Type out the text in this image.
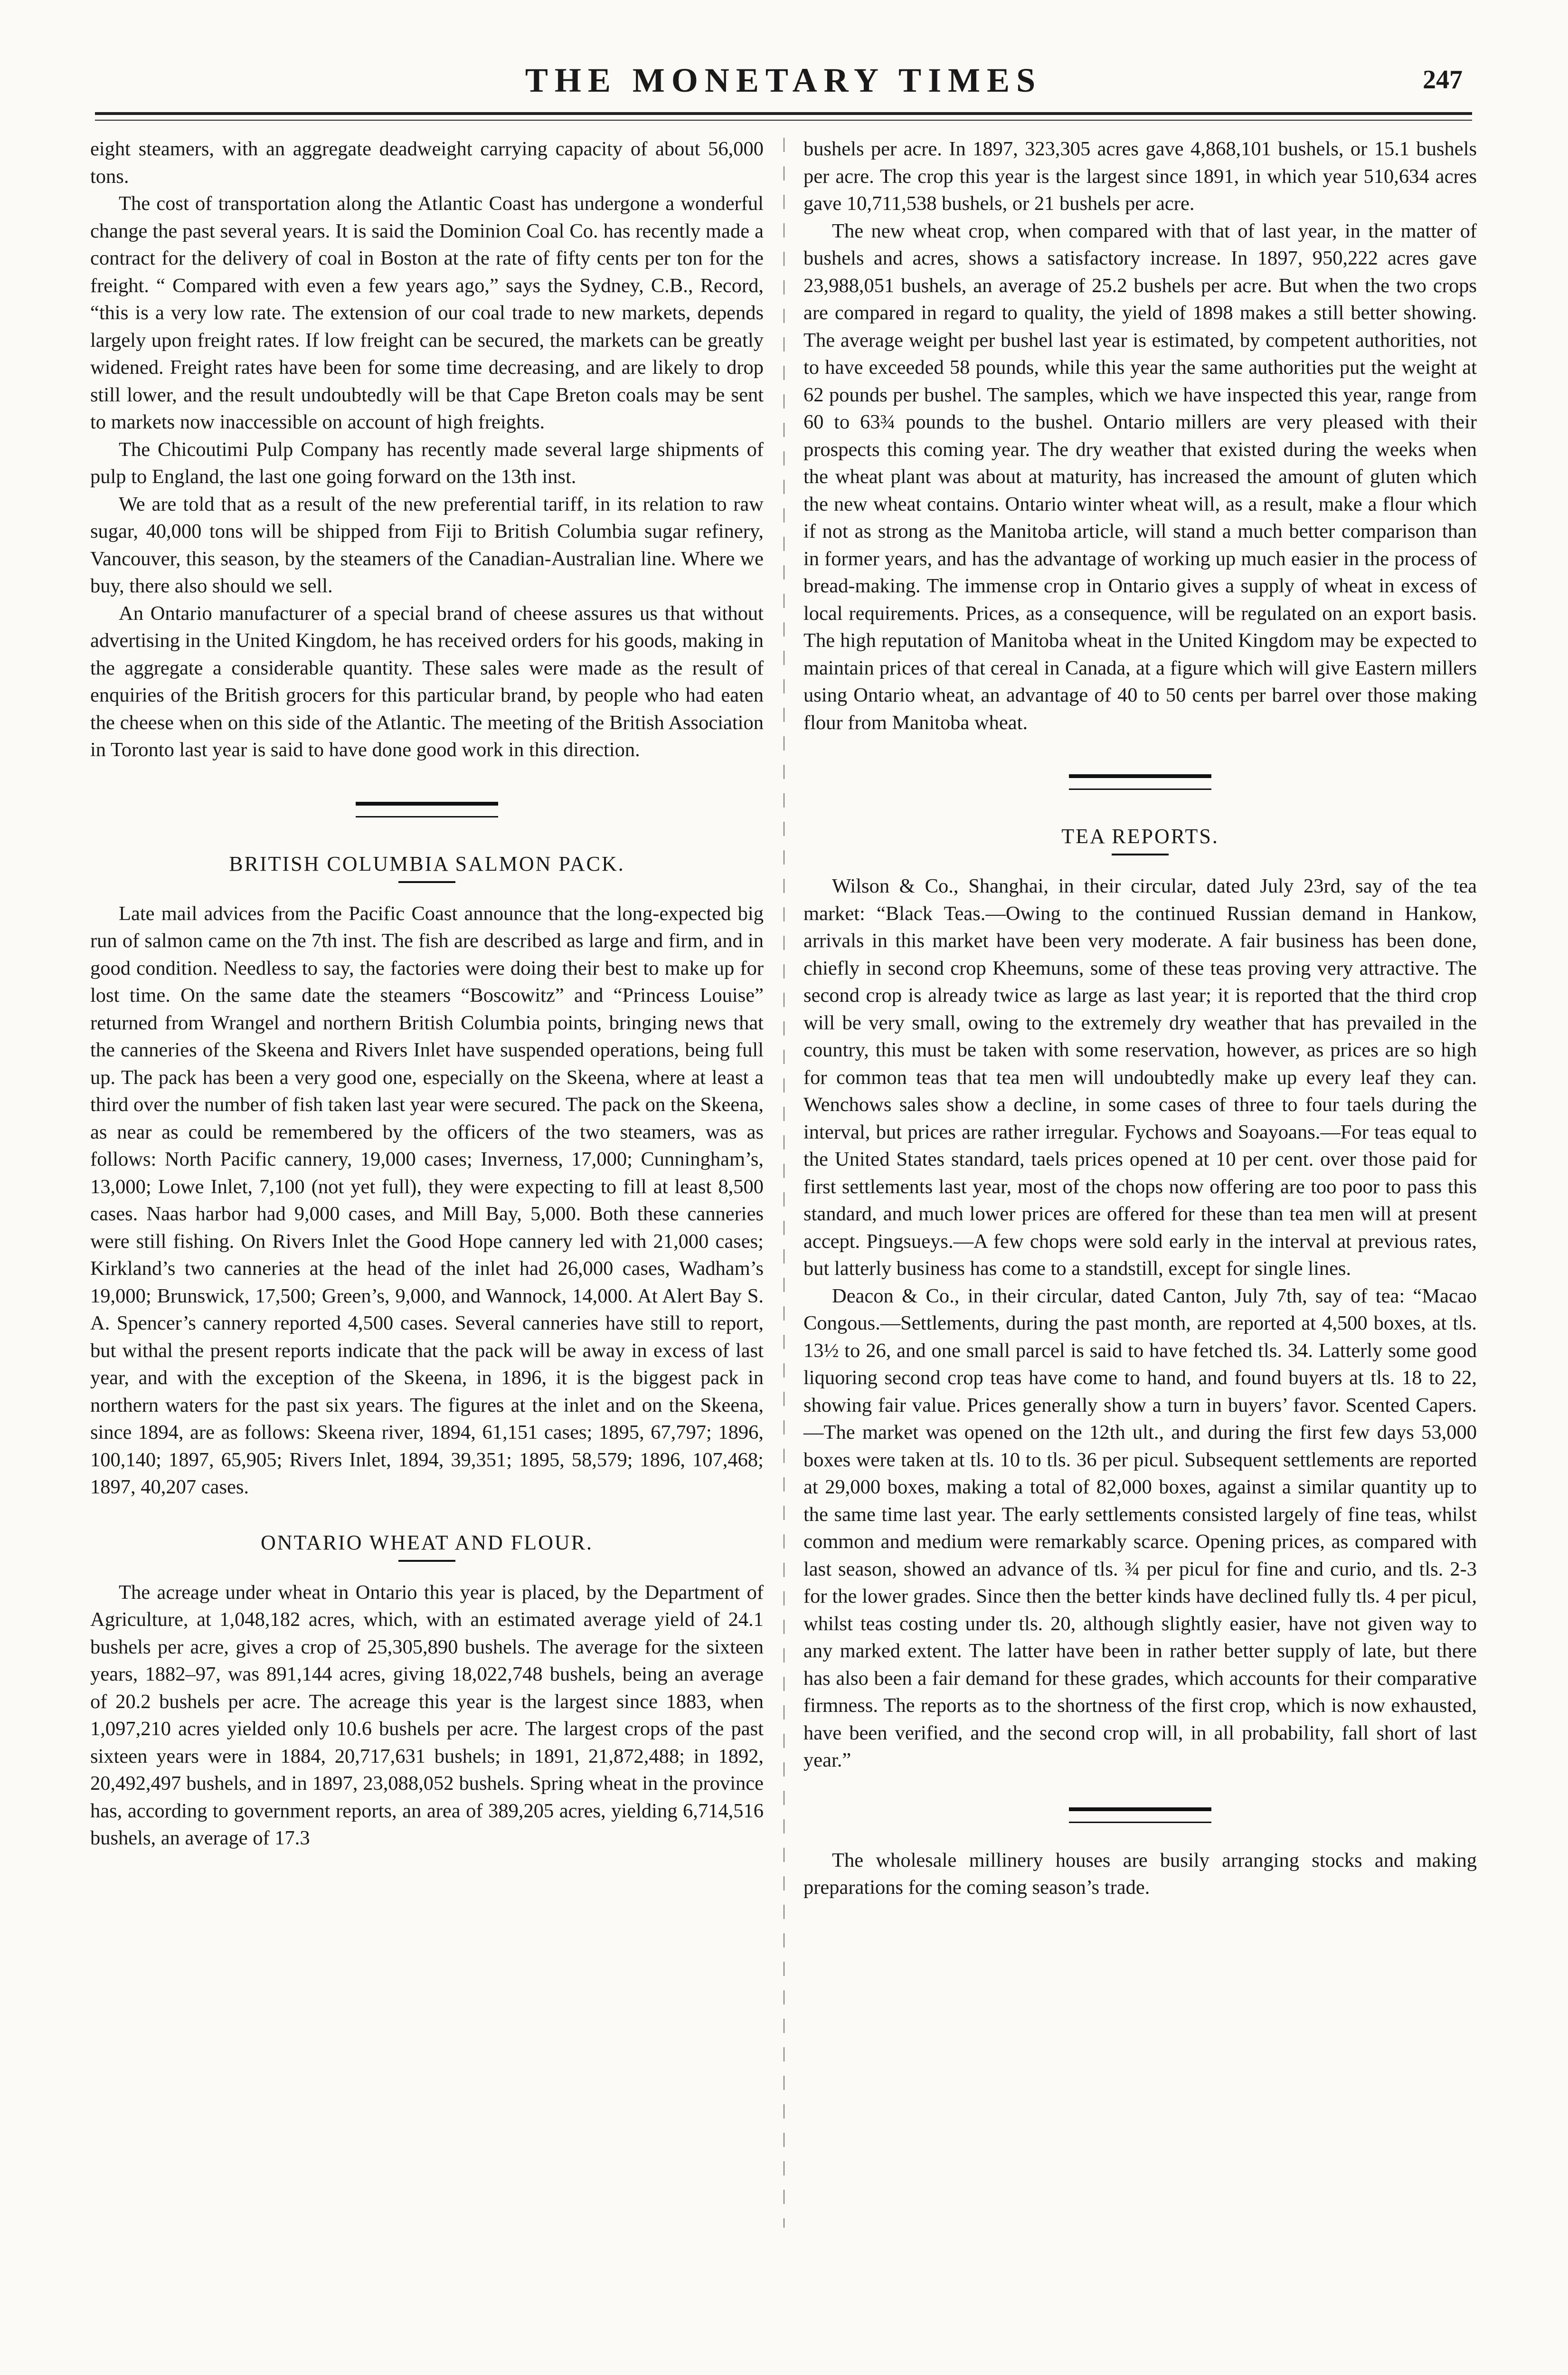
THE MONETARY TIMES	247

eight steamers, with an aggregate deadweight carrying capacity of about 56,000 tons.

The cost of transportation along the Atlantic Coast has undergone a wonderful change the past several years. It is said the Dominion Coal Co. has recently made a contract for the delivery of coal in Boston at the rate of fifty cents per ton for the freight. “ Compared with even a few years ago,” says the Sydney, C.B., Record, “this is a very low rate. The extension of our coal trade to new markets, depends largely upon freight rates. If low freight can be secured, the markets can be greatly widened. Freight rates have been for some time decreasing, and are likely to drop still lower, and the result undoubtedly will be that Cape Breton coals may be sent to markets now inaccessible on account of high freights.

The Chicoutimi Pulp Company has recently made several large shipments of pulp to England, the last one going forward on the 13th inst.

We are told that as a result of the new preferential tariff, in its relation to raw sugar, 40,000 tons will be shipped from Fiji to British Columbia sugar refinery, Vancouver, this season, by the steamers of the Canadian-Australian line. Where we buy, there also should we sell.

An Ontario manufacturer of a special brand of cheese assures us that without advertising in the United Kingdom, he has received orders for his goods, making in the aggregate a considerable quantity. These sales were made as the result of enquiries of the British grocers for this particular brand, by people who had eaten the cheese when on this side of the Atlantic. The meeting of the British Association in Toronto last year is said to have done good work in this direction.

BRITISH COLUMBIA SALMON PACK.

Late mail advices from the Pacific Coast announce that the long-expected big run of salmon came on the 7th inst. The fish are described as large and firm, and in good condition. Needless to say, the factories were doing their best to make up for lost time. On the same date the steamers “Boscowitz” and “Princess Louise” returned from Wrangel and northern British Columbia points, bringing news that the canneries of the Skeena and Rivers Inlet have suspended operations, being full up. The pack has been a very good one, especially on the Skeena, where at least a third over the number of fish taken last year were secured. The pack on the Skeena, as near as could be remembered by the officers of the two steamers, was as follows: North Pacific cannery, 19,000 cases; Inverness, 17,000; Cunningham’s, 13,000; Lowe Inlet, 7,100 (not yet full), they were expecting to fill at least 8,500 cases. Naas harbor had 9,000 cases, and Mill Bay, 5,000. Both these canneries were still fishing. On Rivers Inlet the Good Hope cannery led with 21,000 cases; Kirkland’s two canneries at the head of the inlet had 26,000 cases, Wadham’s 19,000; Brunswick, 17,500; Green’s, 9,000, and Wannock, 14,000. At Alert Bay S. A. Spencer’s cannery reported 4,500 cases. Several canneries have still to report, but withal the present reports indicate that the pack will be away in excess of last year, and with the exception of the Skeena, in 1896, it is the biggest pack in northern waters for the past six years. The figures at the inlet and on the Skeena, since 1894, are as follows: Skeena river, 1894, 61,151 cases; 1895, 67,797; 1896, 100,140; 1897, 65,905; Rivers Inlet, 1894, 39,351; 1895, 58,579; 1896, 107,468; 1897, 40,207 cases.

ONTARIO WHEAT AND FLOUR.

The acreage under wheat in Ontario this year is placed, by the Department of Agriculture, at 1,048,182 acres, which, with an estimated average yield of 24.1 bushels per acre, gives a crop of 25,305,890 bushels. The average for the sixteen years, 1882–97, was 891,144 acres, giving 18,022,748 bushels, being an average of 20.2 bushels per acre. The acreage this year is the largest since 1883, when 1,097,210 acres yielded only 10.6 bushels per acre. The largest crops of the past sixteen years were in 1884, 20,717,631 bushels; in 1891, 21,872,488; in 1892, 20,492,497 bushels, and in 1897, 23,088,052 bushels. Spring wheat in the province has, according to government reports, an area of 389,205 acres, yielding 6,714,516 bushels, an average of 17.3

bushels per acre. In 1897, 323,305 acres gave 4,868,101 bushels, or 15.1 bushels per acre. The crop this year is the largest since 1891, in which year 510,634 acres gave 10,711,538 bushels, or 21 bushels per acre.

The new wheat crop, when compared with that of last year, in the matter of bushels and acres, shows a satisfactory increase. In 1897, 950,222 acres gave 23,988,051 bushels, an average of 25.2 bushels per acre. But when the two crops are compared in regard to quality, the yield of 1898 makes a still better showing. The average weight per bushel last year is estimated, by competent authorities, not to have exceeded 58 pounds, while this year the same authorities put the weight at 62 pounds per bushel. The samples, which we have inspected this year, range from 60 to 63¾ pounds to the bushel. Ontario millers are very pleased with their prospects this coming year. The dry weather that existed during the weeks when the wheat plant was about at maturity, has increased the amount of gluten which the new wheat contains. Ontario winter wheat will, as a result, make a flour which if not as strong as the Manitoba article, will stand a much better comparison than in former years, and has the advantage of working up much easier in the process of bread-making. The immense crop in Ontario gives a supply of wheat in excess of local requirements. Prices, as a consequence, will be regulated on an export basis. The high reputation of Manitoba wheat in the United Kingdom may be expected to maintain prices of that cereal in Canada, at a figure which will give Eastern millers using Ontario wheat, an advantage of 40 to 50 cents per barrel over those making flour from Manitoba wheat.

TEA REPORTS.

Wilson & Co., Shanghai, in their circular, dated July 23rd, say of the tea market: “Black Teas.—Owing to the continued Russian demand in Hankow, arrivals in this market have been very moderate. A fair business has been done, chiefly in second crop Kheemuns, some of these teas proving very attractive. The second crop is already twice as large as last year; it is reported that the third crop will be very small, owing to the extremely dry weather that has prevailed in the country, this must be taken with some reservation, however, as prices are so high for common teas that tea men will undoubtedly make up every leaf they can. Wenchows sales show a decline, in some cases of three to four taels during the interval, but prices are rather irregular. Fychows and Soayoans.—For teas equal to the United States standard, taels prices opened at 10 per cent. over those paid for first settlements last year, most of the chops now offering are too poor to pass this standard, and much lower prices are offered for these than tea men will at present accept. Pingsueys.—A few chops were sold early in the interval at previous rates, but latterly business has come to a standstill, except for single lines.

Deacon & Co., in their circular, dated Canton, July 7th, say of tea: “Macao Congous.—Settlements, during the past month, are reported at 4,500 boxes, at tls. 13½ to 26, and one small parcel is said to have fetched tls. 34. Latterly some good liquoring second crop teas have come to hand, and found buyers at tls. 18 to 22, showing fair value. Prices generally show a turn in buyers’ favor. Scented Capers.—The market was opened on the 12th ult., and during the first few days 53,000 boxes were taken at tls. 10 to tls. 36 per picul. Subsequent settlements are reported at 29,000 boxes, making a total of 82,000 boxes, against a similar quantity up to the same time last year. The early settlements consisted largely of fine teas, whilst common and medium were remarkably scarce. Opening prices, as compared with last season, showed an advance of tls. ¾ per picul for fine and curio, and tls. 2-3 for the lower grades. Since then the better kinds have declined fully tls. 4 per picul, whilst teas costing under tls. 20, although slightly easier, have not given way to any marked extent. The latter have been in rather better supply of late, but there has also been a fair demand for these grades, which accounts for their comparative firmness. The reports as to the shortness of the first crop, which is now exhausted, have been verified, and the second crop will, in all probability, fall short of last year.”

The wholesale millinery houses are busily arranging stocks and making preparations for the coming season’s trade.
